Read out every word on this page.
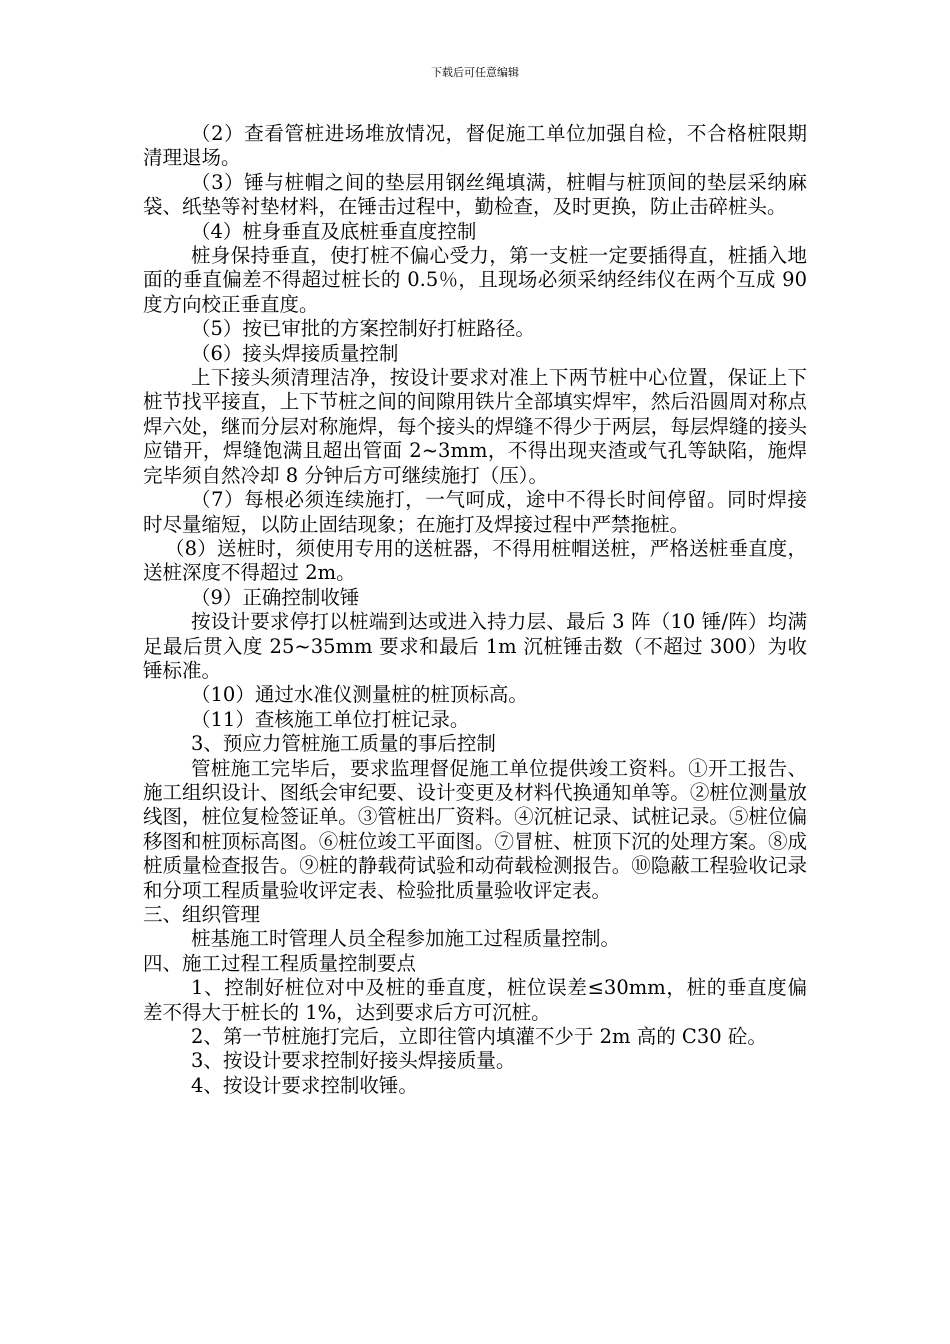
下载后可任意编辑

（2）查看管桩进场堆放情况，督促施工单位加强自检，不合格桩限期清理退场。

（3）锤与桩帽之间的垫层用钢丝绳填满，桩帽与桩顶间的垫层采纳麻袋、纸垫等衬垫材料，在锤击过程中，勤检查，及时更换，防止击碎桩头。

（4）桩身垂直及底桩垂直度控制

桩身保持垂直，使打桩不偏心受力，第一支桩一定要插得直，桩插入地面的垂直偏差不得超过桩长的 0.5％，且现场必须采纳经纬仪在两个互成 90 度方向校正垂直度。

（5）按已审批的方案控制好打桩路径。

（6）接头焊接质量控制

上下接头须清理洁净，按设计要求对准上下两节桩中心位置，保证上下桩节找平接直，上下节桩之间的间隙用铁片全部填实焊牢，然后沿圆周对称点焊六处，继而分层对称施焊，每个接头的焊缝不得少于两层，每层焊缝的接头应错开，焊缝饱满且超出管面 2~3mm，不得出现夹渣或气孔等缺陷，施焊完毕须自然冷却 8 分钟后方可继续施打（压）。

（7）每根必须连续施打，一气呵成，途中不得长时间停留。同时焊接时尽量缩短，以防止固结现象；在施打及焊接过程中严禁拖桩。

（8）送桩时，须使用专用的送桩器，不得用桩帽送桩，严格送桩垂直度，送桩深度不得超过 2m。

（9）正确控制收锤

按设计要求停打以桩端到达或进入持力层、最后 3 阵（10 锤/阵）均满足最后贯入度 25~35mm 要求和最后 1m 沉桩锤击数（不超过 300）为收锤标准。

（10）通过水准仪测量桩的桩顶标高。

（11）查核施工单位打桩记录。

3、预应力管桩施工质量的事后控制

管桩施工完毕后，要求监理督促施工单位提供竣工资料。①开工报告、施工组织设计、图纸会审纪要、设计变更及材料代换通知单等。②桩位测量放线图，桩位复检签证单。③管桩出厂资料。④沉桩记录、试桩记录。⑤桩位偏移图和桩顶标高图。⑥桩位竣工平面图。⑦冒桩、桩顶下沉的处理方案。⑧成桩质量检查报告。⑨桩的静载荷试验和动荷载检测报告。⑩隐蔽工程验收记录和分项工程质量验收评定表、检验批质量验收评定表。

三、组织管理

桩基施工时管理人员全程参加施工过程质量控制。

四、施工过程工程质量控制要点

1、控制好桩位对中及桩的垂直度，桩位误差≤30mm，桩的垂直度偏差不得大于桩长的 1%，达到要求后方可沉桩。

2、第一节桩施打完后，立即往管内填灌不少于 2m 高的 C30 砼。

3、按设计要求控制好接头焊接质量。

4、按设计要求控制收锤。
